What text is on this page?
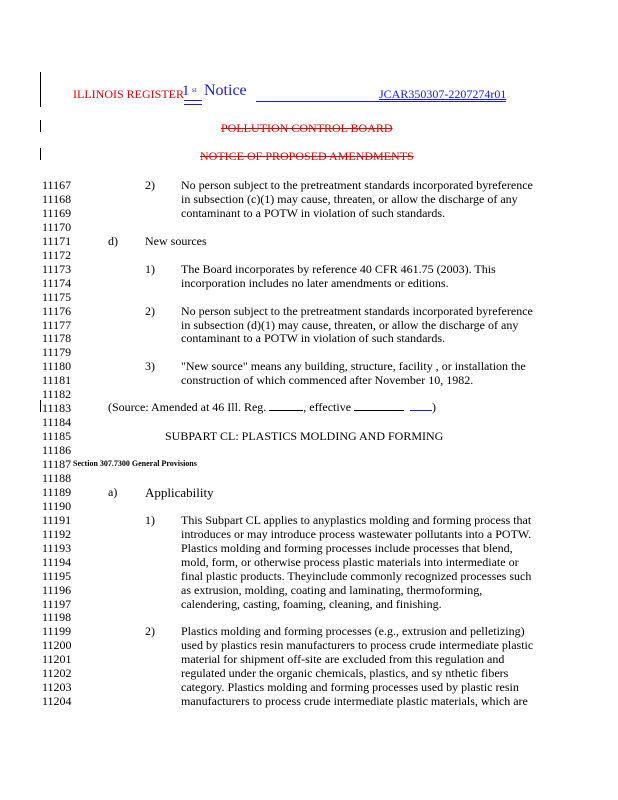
ILLINOIS REGISTER
1 st Notice	JCAR350307-2207274r01
POLLUTION CONTROL BOARD
NOTICE OF PROPOSED AMENDMENTS
11167	2) No person subject to the pretreatment standards incorporated byreference
11168	in subsection (c)(1) may cause, threaten, or allow the discharge of any
11169	contaminant to a POTW in violation of such standards.
11170
11171	d) New sources
11172
11173	1) The Board incorporates by reference 40 CFR 461.75 (2003). This
11174	incorporation includes no later amendments or editions.
11175
11176	2) No person subject to the pretreatment standards incorporated byreference
11177	in subsection (d)(1) may cause, threaten, or allow the discharge of any
11178	contaminant to a POTW in violation of such standards.
11179
11180	3) "New source" means any building, structure, facility , or installation the
11181	construction of which commenced after November 10, 1982.
11182
11183
11184
11185	SUBPART CL: PLASTICS MOLDING AND FORMING
11186
11187
11188
11189	a) Applicability
11190
11191	1) This Subpart CL applies to anyplastics molding and forming process that
11192	introduces or may introduce process wastewater pollutants into a POTW.
11193	Plastics molding and forming processes include processes that blend,
11194	mold, form, or otherwise process plastic materials into intermediate or
11195	final plastic products. Theyinclude commonly recognized processes such
11196	as extrusion, molding, coating and laminating, thermoforming,
11197	calendering, casting, foaming, cleaning, and finishing.
11198
11199	2) Plastics molding and forming processes (e.g., extrusion and pelletizing)
11200	used by plastics resin manufacturers to process crude intermediate plastic
11201	material for shipment off-site are excluded from this regulation and
11202	regulated under the organic chemicals, plastics, and sy nthetic fibers
11203	category. Plastics molding and forming processes used by plastic resin
11204	manufacturers to process crude intermediate plastic materials, which are
(Source: Amended at 46 Ill. Reg.	, effective	)
Section 307.7300 General Provisions
